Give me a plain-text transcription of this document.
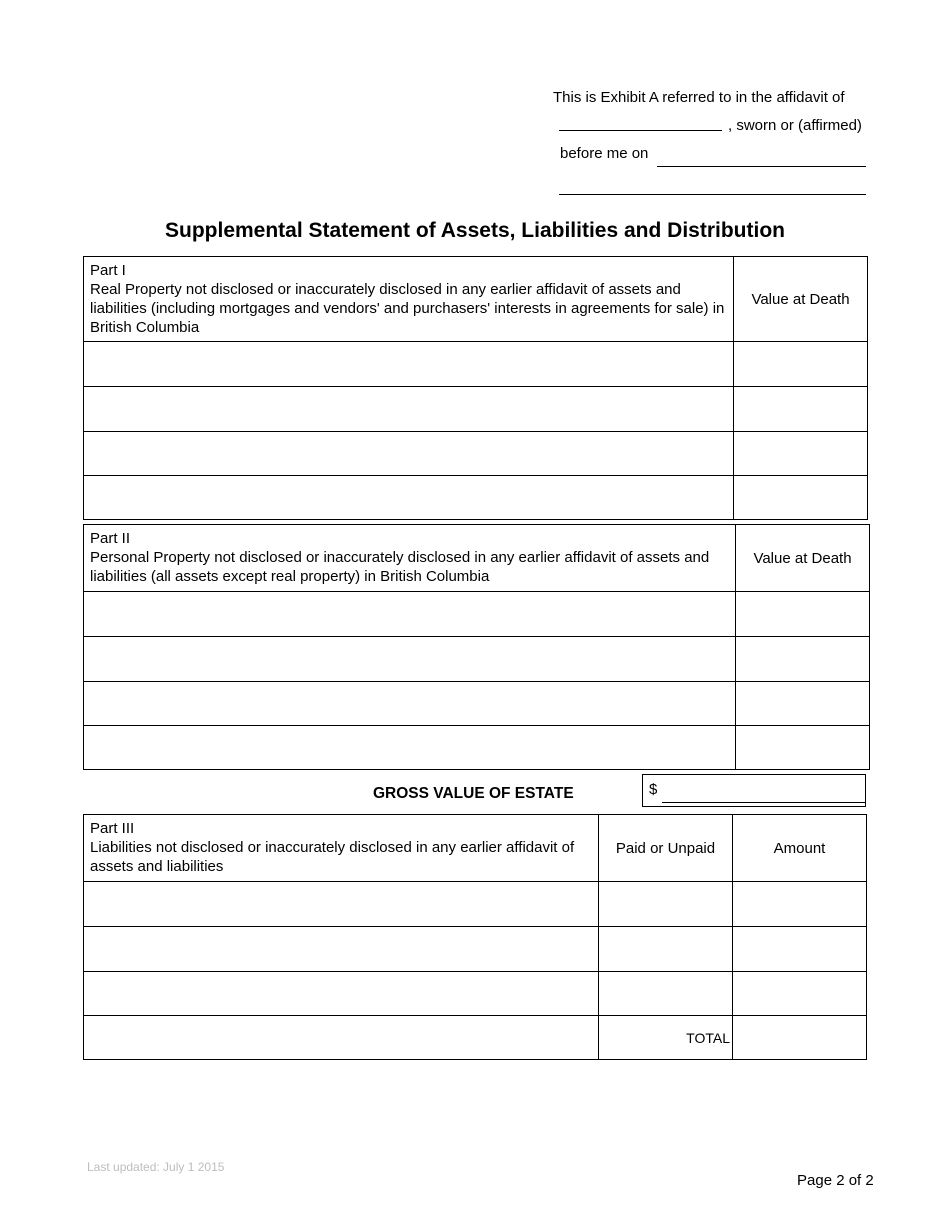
This is Exhibit A referred to in the affidavit of
, sworn or (affirmed)
before me on
Supplemental Statement of Assets, Liabilities and Distribution
Part I
Real Property not disclosed or inaccurately disclosed in any earlier affidavit of assets and liabilities (including mortgages and vendors' and purchasers' interests in agreements for sale) in British Columbia	Value at Death

Part II
Personal Property not disclosed or inaccurately disclosed in any earlier affidavit of assets and liabilities (all assets except real property) in British Columbia	Value at Death

GROSS VALUE OF ESTATE	$
Part III
Liabilities not disclosed or inaccurately disclosed in any earlier affidavit of assets and liabilities	Paid or Unpaid	Amount

	TOTAL	
Last updated: July 1 2015
Page 2 of 2
